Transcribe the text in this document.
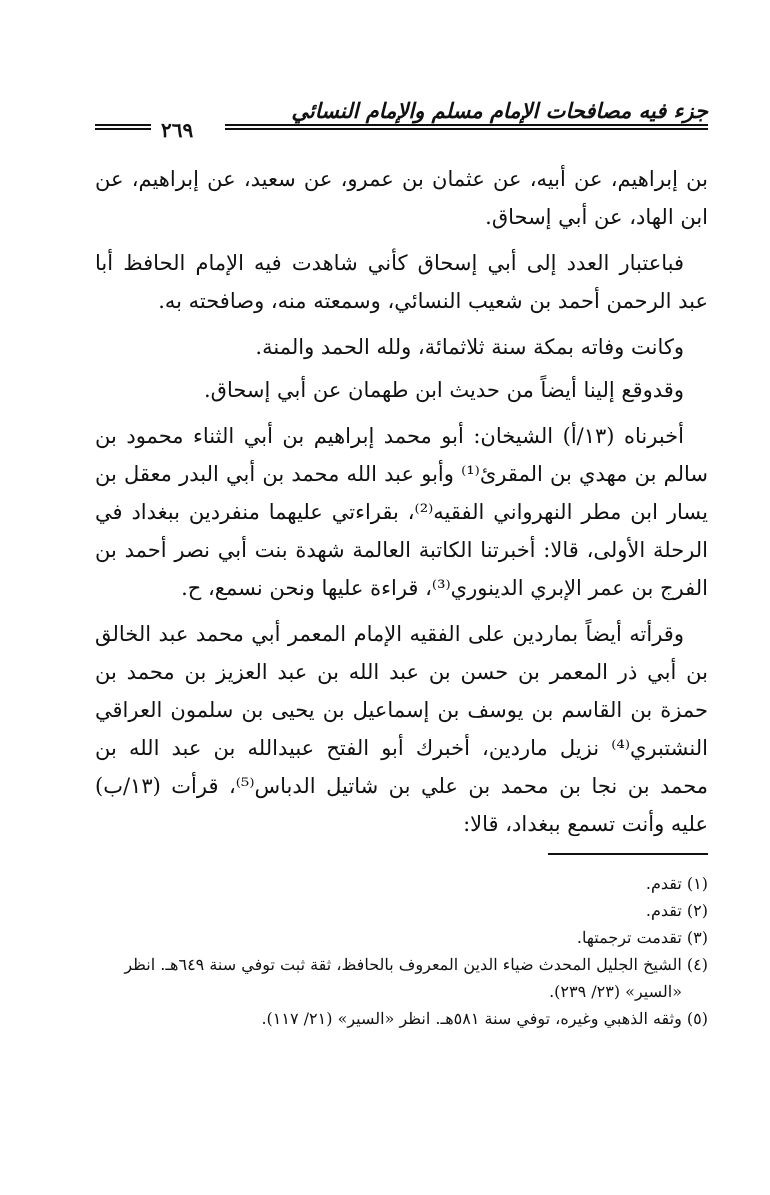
جزء فيه مصافحات الإمام مسلم والإمام النسائي
٢٦٩

بن إبراهيم، عن أبيه، عن عثمان بن عمرو، عن سعيد، عن إبراهيم، عن ابن الهاد، عن أبي إسحاق.

فباعتبار العدد إلى أبي إسحاق كأني شاهدت فيه الإمام الحافظ أبا عبد الرحمن أحمد بن شعيب النسائي، وسمعته منه، وصافحته به.

وكانت وفاته بمكة سنة ثلاثمائة، ولله الحمد والمنة.

وقدوقع إلينا أيضاً من حديث ابن طهمان عن أبي إسحاق.

أخبرناه (١٣/أ) الشيخان: أبو محمد إبراهيم بن أبي الثناء محمود بن سالم بن مهدي بن المقرئ⁽¹⁾ وأبو عبد الله محمد بن أبي البدر معقل بن يسار ابن مطر النهرواني الفقيه⁽²⁾، بقراءتي عليهما منفردين ببغداد في الرحلة الأولى، قالا: أخبرتنا الكاتبة العالمة شهدة بنت أبي نصر أحمد بن الفرج بن عمر الإبري الدينوري⁽³⁾، قراءة عليها ونحن نسمع، ح.

وقرأته أيضاً بماردين على الفقيه الإمام المعمر أبي محمد عبد الخالق بن أبي ذر المعمر بن حسن بن عبد الله بن عبد العزيز بن محمد بن حمزة بن القاسم بن يوسف بن إسماعيل بن يحيى بن سلمون العراقي النشتبري⁽⁴⁾ نزيل ماردين، أخبرك أبو الفتح عبيدالله بن عبد الله بن محمد بن نجا بن محمد بن علي بن شاتيل الدباس⁽⁵⁾، قرأت (١٣/ب) عليه وأنت تسمع ببغداد، قالا:

(١) تقدم.
(٢) تقدم.
(٣) تقدمت ترجمتها.
(٤) الشيخ الجليل المحدث ضياء الدين المعروف بالحافظ، ثقة ثبت توفي سنة ٦٤٩هـ. انظر
«السير» (٢٣/ ٢٣٩).
(٥) وثقه الذهبي وغيره، توفي سنة ٥٨١هـ. انظر «السير» (٢١/ ١١٧).
